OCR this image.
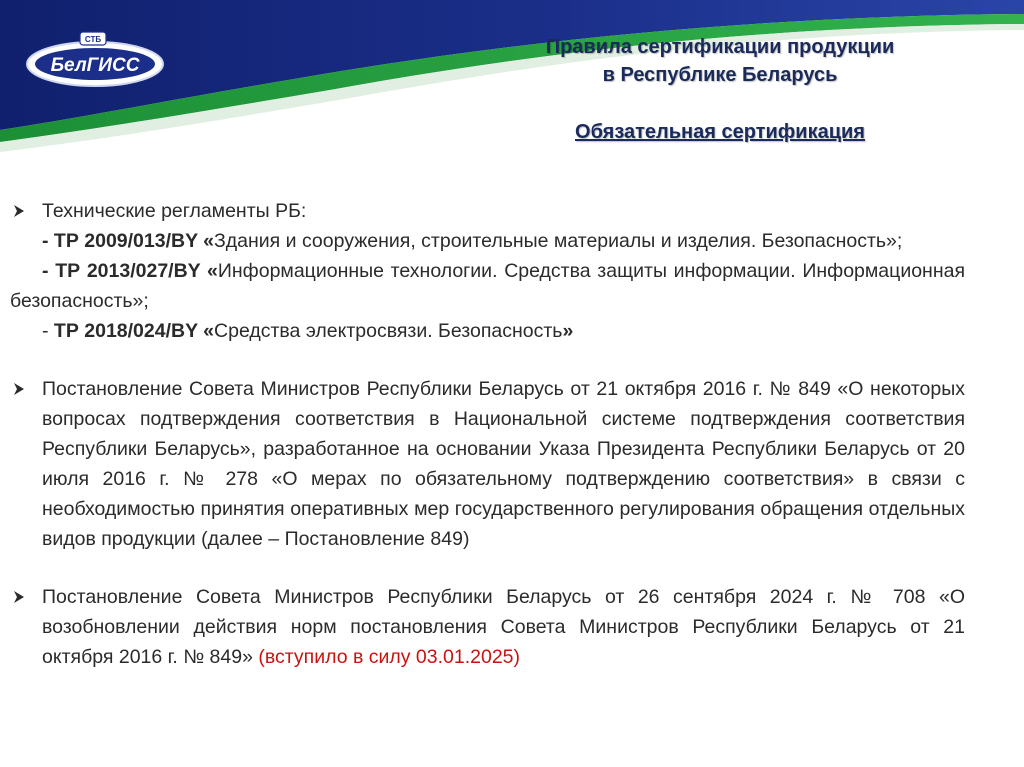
СТБ
БелГИСС
Правила сертификации продукции
в Республике Беларусь
Обязательная сертификация
Технические регламенты РБ:
- ТР 2009/013/BY «Здания и сооружения, строительные материалы и изделия. Безопасность»;
- ТР 2013/027/BY «Информационные технологии. Средства защиты информации. Информационная безопасность»;
- ТР 2018/024/BY «Средства электросвязи. Безопасность»
Постановление Совета Министров Республики Беларусь от 21 октября 2016 г. № 849 «О некоторых вопросах подтверждения соответствия в Национальной системе подтверждения соответствия Республики Беларусь», разработанное на основании Указа Президента Республики Беларусь от 20 июля 2016 г. № 278 «О мерах по обязательному подтверждению соответствия» в связи с необходимостью принятия оперативных мер государственного регулирования обращения отдельных видов продукции (далее – Постановление 849)
Постановление Совета Министров Республики Беларусь от 26 сентября 2024 г. № 708 «О возобновлении действия норм постановления Совета Министров Республики Беларусь от 21 октября 2016 г. № 849» (вступило в силу 03.01.2025)
